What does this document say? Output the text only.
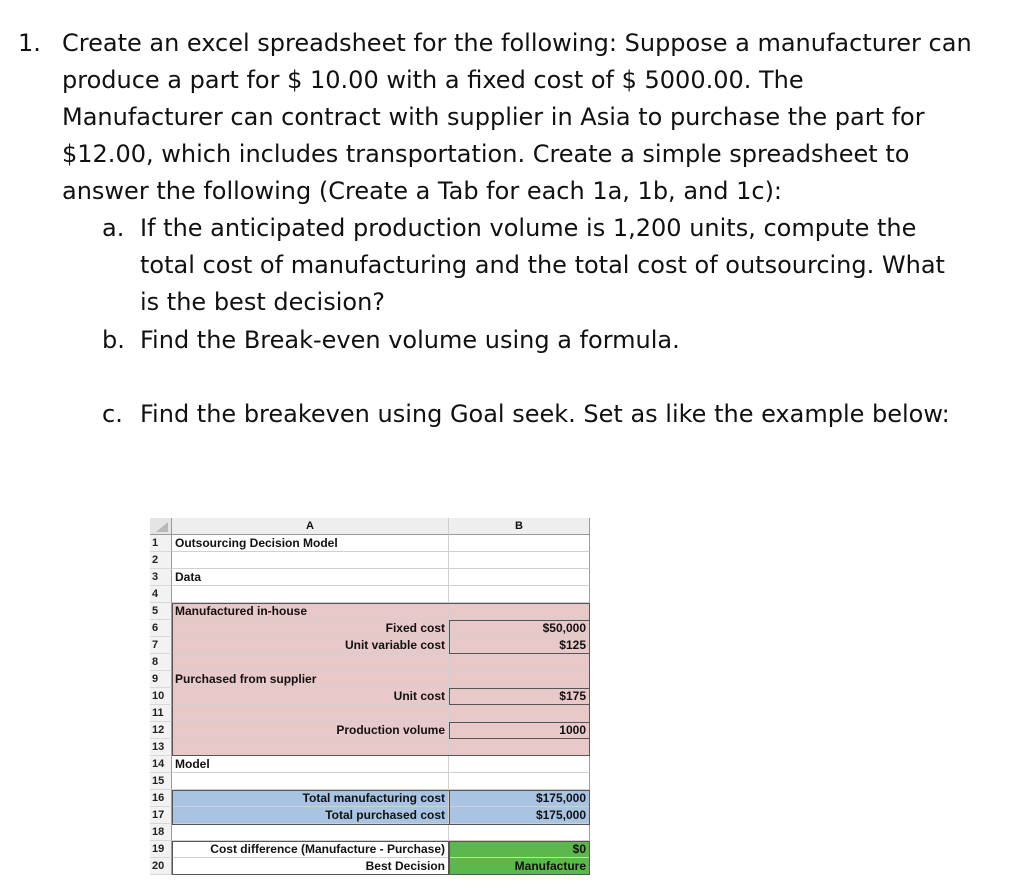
1. Create an excel spreadsheet for the following: Suppose a manufacturer can
produce a part for $ 10.00 with a fixed cost of $ 5000.00. The
Manufacturer can contract with supplier in Asia to purchase the part for
$12.00, which includes transportation. Create a simple spreadsheet to
answer the following (Create a Tab for each 1a, 1b, and 1c):
a. If the anticipated production volume is 1,200 units, compute the
total cost of manufacturing and the total cost of outsourcing. What
is the best decision?
b. Find the Break-even volume using a formula.
c. Find the breakeven using Goal seek. Set as like the example below:
A	B
1	Outsourcing Decision Model
2
3	Data
4
5	Manufactured in-house
6	Fixed cost	$50,000
7	Unit variable cost	$125
8
9	Purchased from supplier
10	Unit cost	$175
11
12	Production volume	1000
13
14 Model
15
16	Total manufacturing cost	$175,000
17	Total purchased cost	$175,000
18
19	Cost difference (Manufacture - Purchase)	$0
20	Best Decision	Manufacture
